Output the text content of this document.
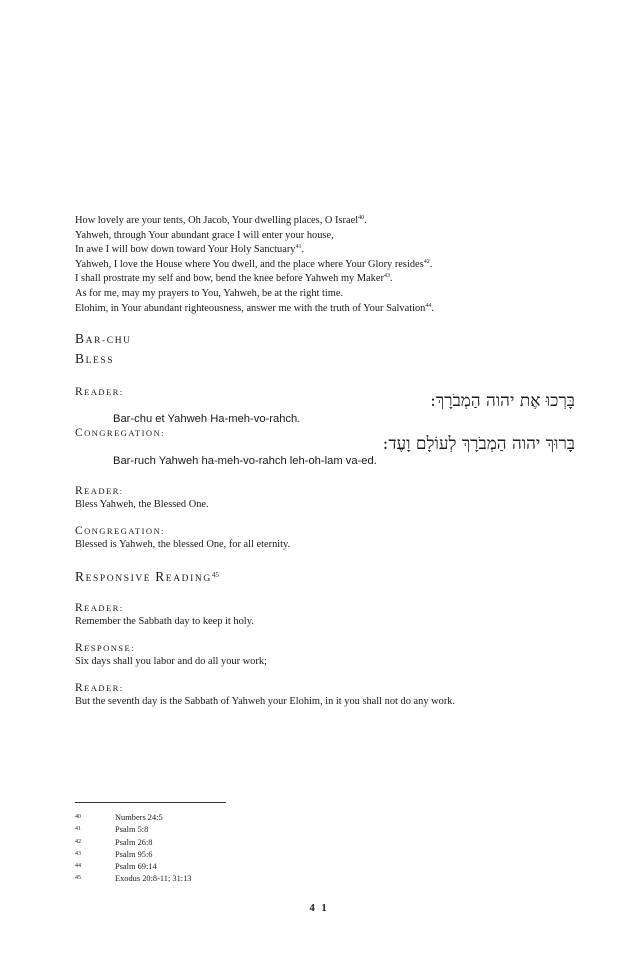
How lovely are your tents, Oh Jacob, Your dwelling places, O Israel$^{40}$.
Yahweh, through Your abundant grace I will enter your house,
In awe I will bow down toward Your Holy Sanctuary$^{41}$.
Yahweh, I love the House where You dwell, and the place where Your Glory resides$^{42}$.
I shall prostrate my self and bow, bend the knee before Yahweh my Maker$^{43}$.
As for me, may my prayers to You, Yahweh, be at the right time.
Elohim, in Your abundant righteousness, answer me with the truth of Your Salvation$^{44}$.
BAR-CHU
BLESS
READER:	בָּרְכוּ אֶת יהוה הַמְבֹרָךְ:
Bar-chu et Yahweh Ha-meh-vo-rahch.
CONGREGATION:
בָּרוּךְ יהוה הַמְבֹרָךְ לְעוֹלָם וָעֶד:
Bar-ruch Yahweh ha-meh-vo-rahch leh-oh-lam va-ed.
READER:
Bless Yahweh, the Blessed One.
CONGREGATION:
Blessed is Yahweh, the blessed One, for all eternity.
RESPONSIVE READING$^{45}$
READER:
Remember the Sabbath day to keep it holy.
RESPONSE:
Six days shall you labor and do all your work;
READER:
But the seventh day is the Sabbath of Yahweh your Elohim, in it you shall not do any work.
40	Numbers 24:5
41	Psalm 5:8
42	Psalm 26:8
43	Psalm 95:6
44	Psalm 69:14
45	Exodus 20:8-11; 31:13
4 1
